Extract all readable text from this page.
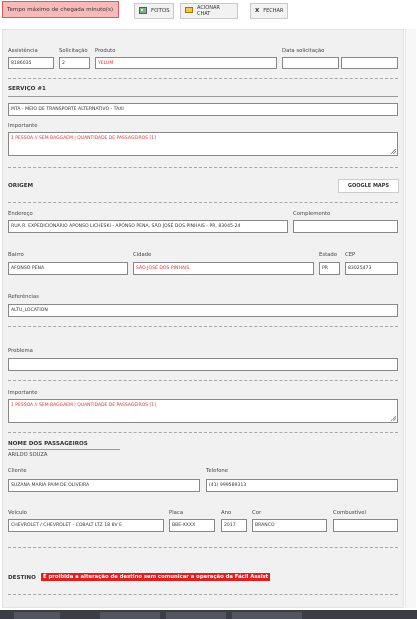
Tempo máximo de chegada minuto(s)	FOTOS	ACIONAR CHAT	X FECHAR
Assistência
8186035
Solicitação
2
Produto
YELUM
Data solicitação
SERVIÇO #1
MTA - MEIO DE TRANSPORTE ALTERNATIVO - TAXI
Importante
1 PESSOA // SEM BAGGAEM | QUANTIDADE DE PASSAGEIROS [1]
ORIGEM	GOOGLE MAPS
Endereço
RUA R. EXPEDICIONÁRIO APONSO LICHESKI - APONSO PENA, SÃO JOSÉ DOS PINHAIS - PR, 83045-24
Complemento
Bairro
AFONSO PENA
Cidade
SÃO JOSÉ DOS PINHAIS
Estado
PR
CEP
83025473
Referências
ALTU_LOCATION
Problema
Importante
1 PESSOA // SEM BAGGAEM | QUANTIDADE DE PASSAGEIROS [1]
NOME DOS PASSAGEIROS
ARILDO SOUZA
Cliente
SUZANA MARIA PAIM DE OLIVEIRA
Telefone
(41) 999589313
Veículo
CHEVROLET / CHEVROLET - COBALT LTZ 18 8V E
Placa
BBE-XXXX
Ano
2017
Cor
BRANCO
Combustível
DESTINO	É proibida a alteração de destino sem comunicar a operação da Fácil Assist
